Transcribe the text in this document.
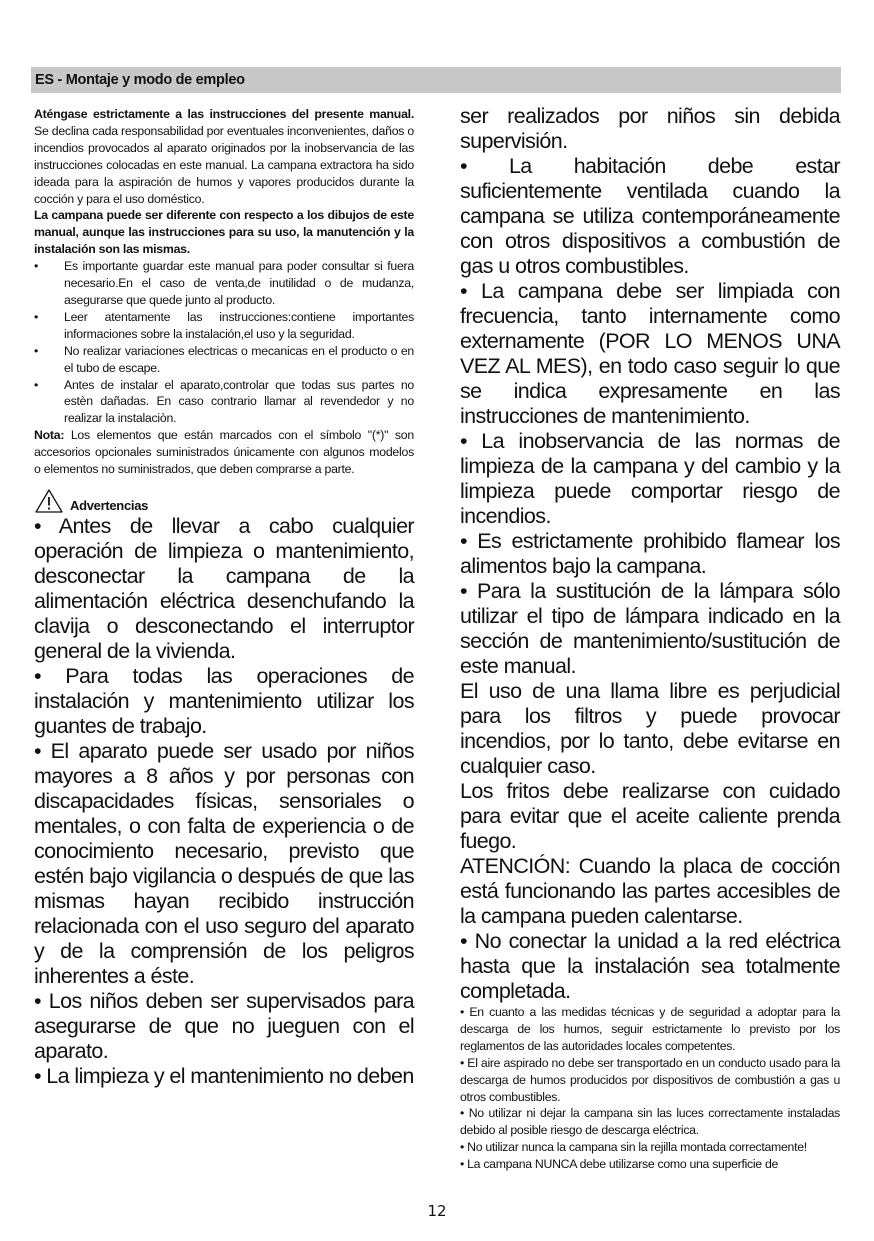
ES - Montaje y modo de empleo

Aténgase estrictamente a las instrucciones del presente manual. Se declina cada responsabilidad por eventuales inconvenientes, daños o incendios provocados al aparato originados por la inobservancia de las instrucciones colocadas en este manual. La campana extractora ha sido ideada para la aspiración de humos y vapores producidos durante la cocción y para el uso doméstico.

La campana puede ser diferente con respecto a los dibujos de este manual, aunque las instrucciones para su uso, la manutención y la instalación son las mismas.

• Es importante guardar este manual para poder consultar si fuera necesario.En el caso de venta,de inutilidad o de mudanza, asegurarse que quede junto al producto.
• Leer atentamente las instrucciones:contiene importantes informaciones sobre la instalación,el uso y la seguridad.
• No realizar variaciones electricas o mecanicas en el producto o en el tubo de escape.
• Antes de instalar el aparato,controlar que todas sus partes no estèn dañadas. En caso contrario llamar al revendedor y no realizar la instalaciòn.

Nota: Los elementos que están marcados con el símbolo "(*)" son accesorios opcionales suministrados únicamente con algunos modelos o elementos no suministrados, que deben comprarse a parte.

Advertencias

• Antes de llevar a cabo cualquier operación de limpieza o mantenimiento, desconectar la campana de la alimentación eléctrica desenchufando la clavija o desconectando el interruptor general de la vivienda.

• Para todas las operaciones de instalación y mantenimiento utilizar los guantes de trabajo.

• El aparato puede ser usado por niños mayores a 8 años y por personas con discapacidades físicas, sensoriales o mentales, o con falta de experiencia o de conocimiento necesario, previsto que estén bajo vigilancia o después de que las mismas hayan recibido instrucción relacionada con el uso seguro del aparato y de la comprensión de los peligros inherentes a éste.

• Los niños deben ser supervisados para asegurarse de que no jueguen con el aparato.

• La limpieza y el mantenimiento no deben

ser realizados por niños sin debida supervisión.

• La habitación debe estar suficientemente ventilada cuando la campana se utiliza contemporáneamente con otros dispositivos a combustión de gas u otros combustibles.

• La campana debe ser limpiada con frecuencia, tanto internamente como externamente (POR LO MENOS UNA VEZ AL MES), en todo caso seguir lo que se indica expresamente en las instrucciones de mantenimiento.

• La inobservancia de las normas de limpieza de la campana y del cambio y la limpieza puede comportar riesgo de incendios.

• Es estrictamente prohibido flamear los alimentos bajo la campana.

• Para la sustitución de la lámpara sólo utilizar el tipo de lámpara indicado en la sección de mantenimiento/sustitución de este manual.

El uso de una llama libre es perjudicial para los filtros y puede provocar incendios, por lo tanto, debe evitarse en cualquier caso.

Los fritos debe realizarse con cuidado para evitar que el aceite caliente prenda fuego.

ATENCIÓN: Cuando la placa de cocción está funcionando las partes accesibles de la campana pueden calentarse.

• No conectar la unidad a la red eléctrica hasta que la instalación sea totalmente completada.

• En cuanto a las medidas técnicas y de seguridad a adoptar para la descarga de los humos, seguir estrictamente lo previsto por los reglamentos de las autoridades locales competentes.

• El aire aspirado no debe ser transportado en un conducto usado para la descarga de humos producidos por dispositivos de combustión a gas u otros combustibles.

• No utilizar ni dejar la campana sin las luces correctamente instaladas debido al posible riesgo de descarga eléctrica.

• No utilizar nunca la campana sin la rejilla montada correctamente!

• La campana NUNCA debe utilizarse como una superficie de

12
